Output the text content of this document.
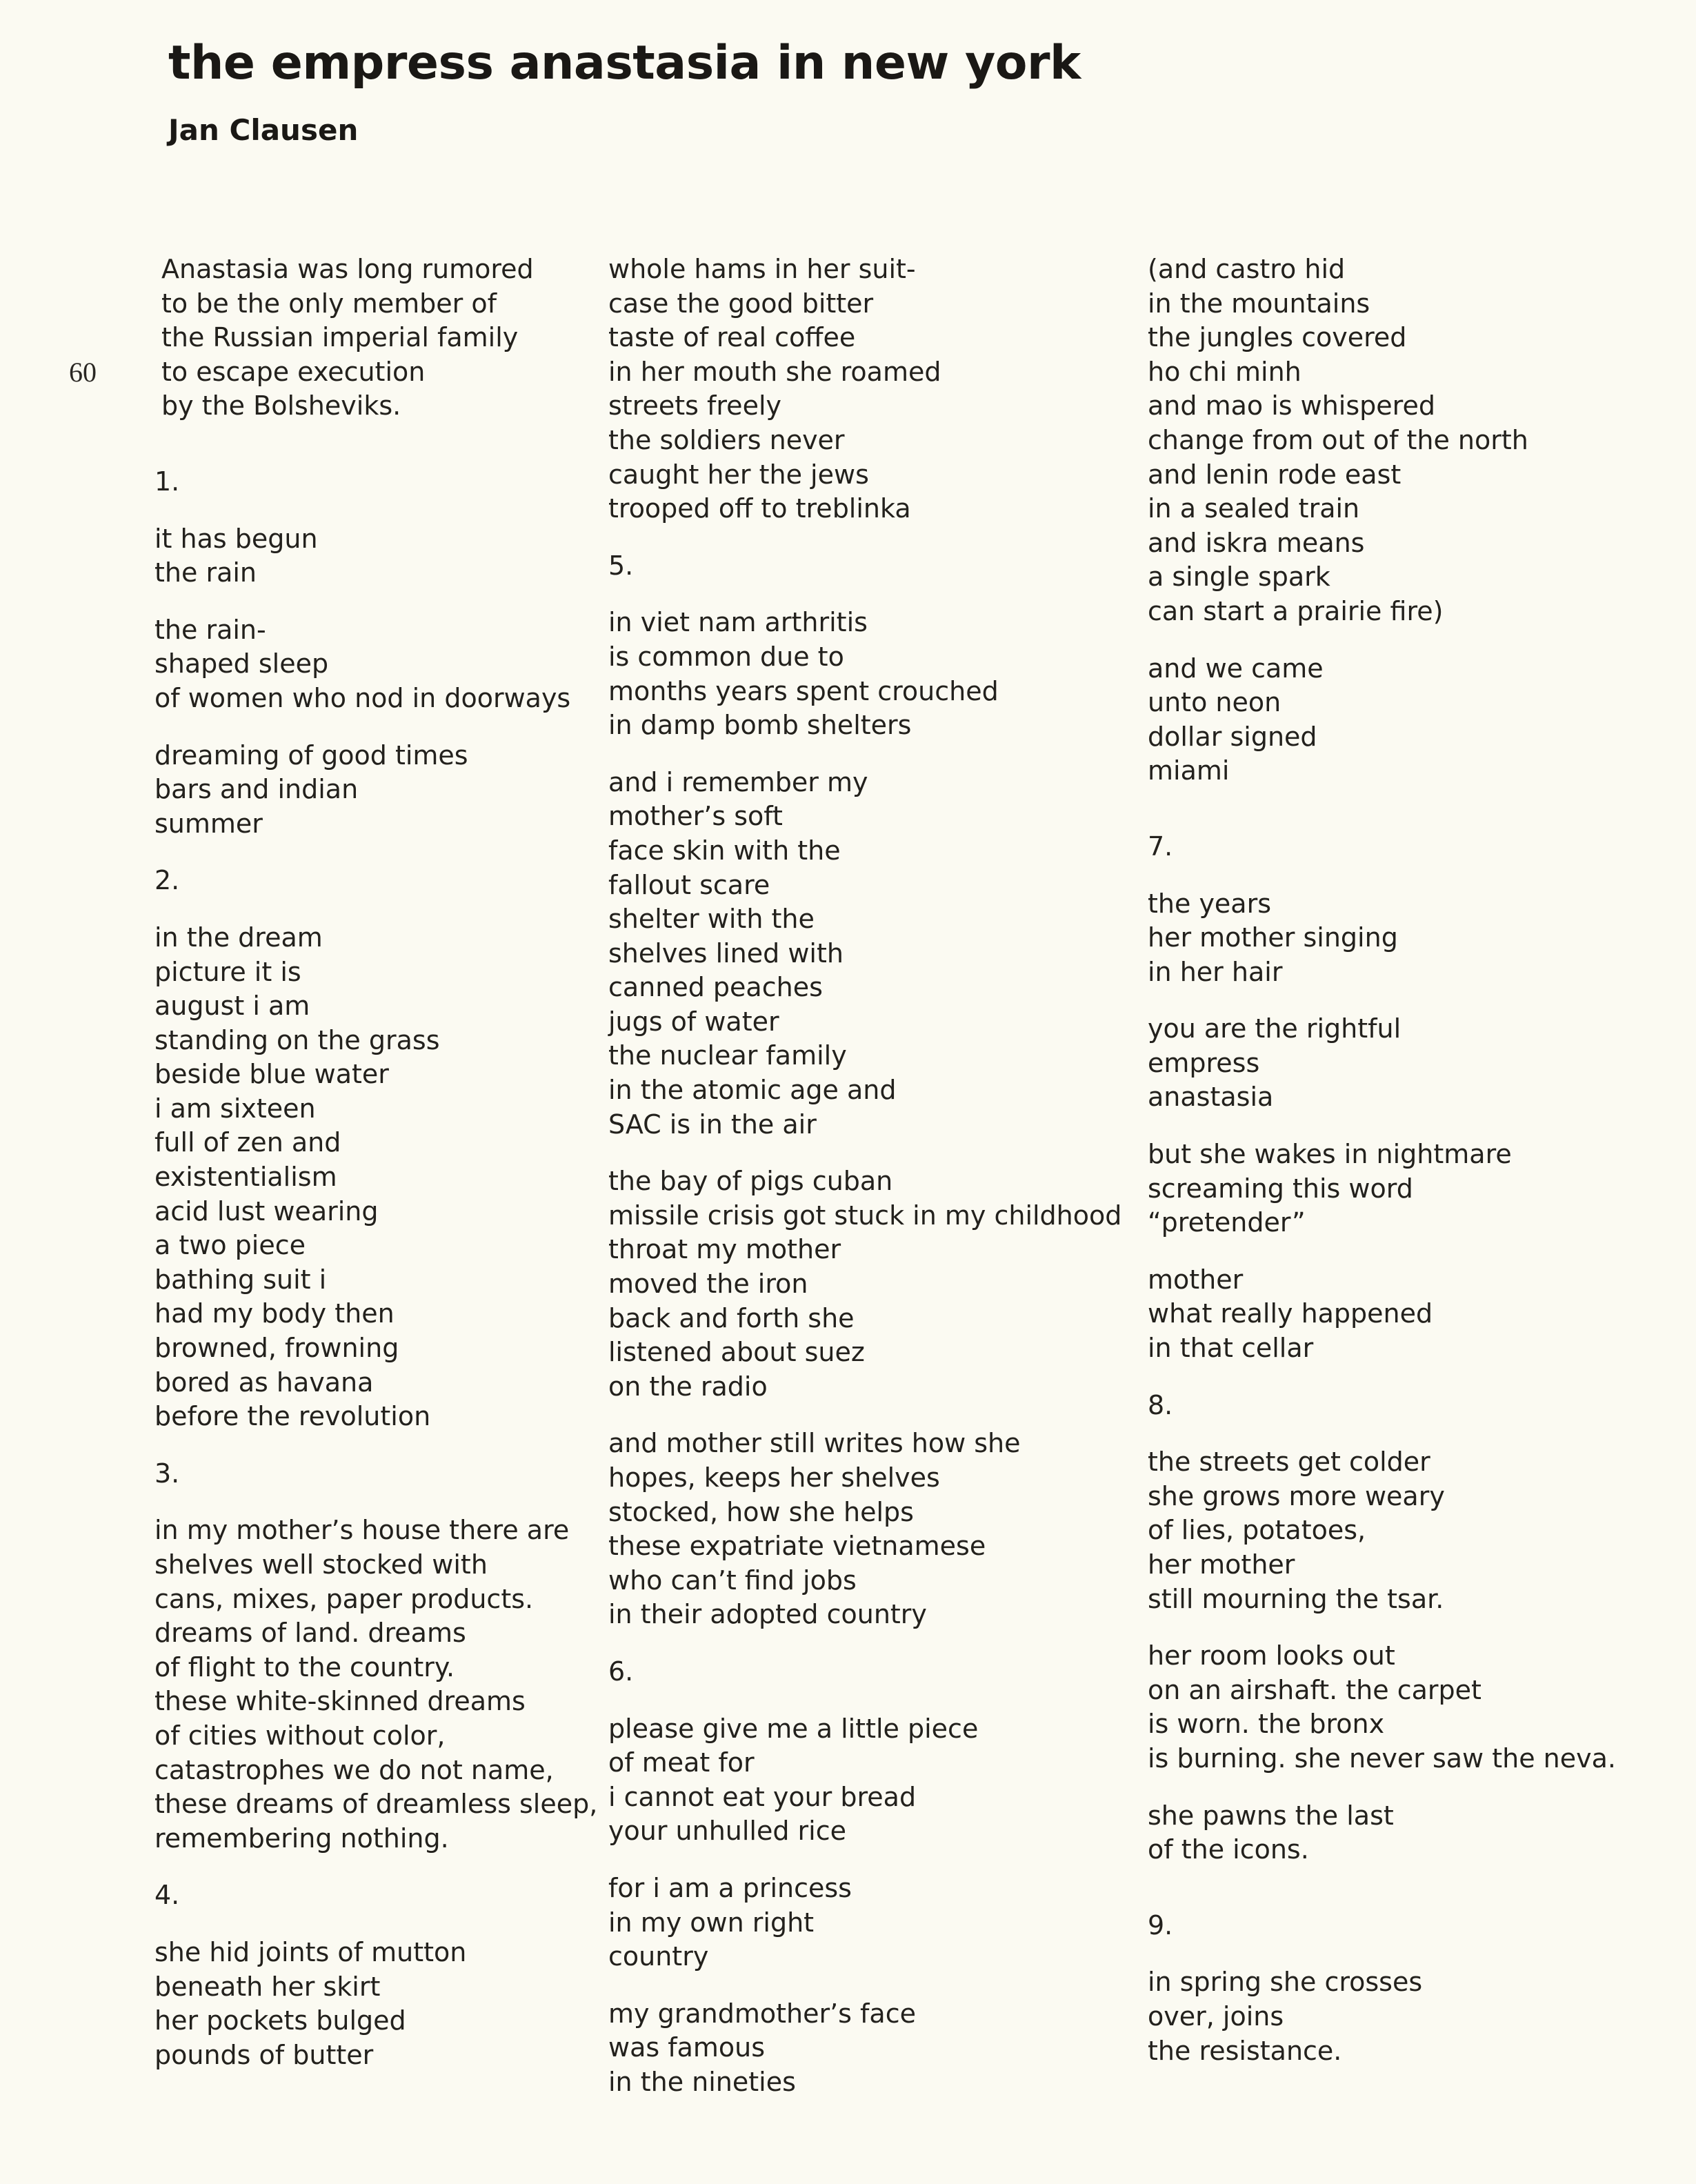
the empress anastasia in new york
Jan Clausen
60
Anastasia was long rumored
to be the only member of
the Russian imperial family
to escape execution
by the Bolsheviks.
1.
it has begun
the rain
the rain-
shaped sleep
of women who nod in doorways
dreaming of good times
bars and indian
summer
2.
in the dream
picture it is
august i am
standing on the grass
beside blue water
i am sixteen
full of zen and
existentialism
acid lust wearing
a two piece
bathing suit i
had my body then
browned, frowning
bored as havana
before the revolution
3.
in my mother’s house there are
shelves well stocked with
cans, mixes, paper products.
dreams of land. dreams
of flight to the country.
these white-skinned dreams
of cities without color,
catastrophes we do not name,
these dreams of dreamless sleep,
remembering nothing.
4.
she hid joints of mutton
beneath her skirt
her pockets bulged
pounds of butter
whole hams in her suit-
case the good bitter
taste of real coffee
in her mouth she roamed
streets freely
the soldiers never
caught her the jews
trooped off to treblinka
5.
in viet nam arthritis
is common due to
months years spent crouched
in damp bomb shelters
and i remember my
mother’s soft
face skin with the
fallout scare
shelter with the
shelves lined with
canned peaches
jugs of water
the nuclear family
in the atomic age and
SAC is in the air
the bay of pigs cuban
missile crisis got stuck in my childhood
throat my mother
moved the iron
back and forth she
listened about suez
on the radio
and mother still writes how she
hopes, keeps her shelves
stocked, how she helps
these expatriate vietnamese
who can’t find jobs
in their adopted country
6.
please give me a little piece
of meat for
i cannot eat your bread
your unhulled rice
for i am a princess
in my own right
country
my grandmother’s face
was famous
in the nineties
(and castro hid
in the mountains
the jungles covered
ho chi minh
and mao is whispered
change from out of the north
and lenin rode east
in a sealed train
and iskra means
a single spark
can start a prairie fire)
and we came
unto neon
dollar signed
miami
7.
the years
her mother singing
in her hair
you are the rightful
empress
anastasia
but she wakes in nightmare
screaming this word
“pretender”
mother
what really happened
in that cellar
8.
the streets get colder
she grows more weary
of lies, potatoes,
her mother
still mourning the tsar.
her room looks out
on an airshaft. the carpet
is worn. the bronx
is burning. she never saw the neva.
she pawns the last
of the icons.
9.
in spring she crosses
over, joins
the resistance.
